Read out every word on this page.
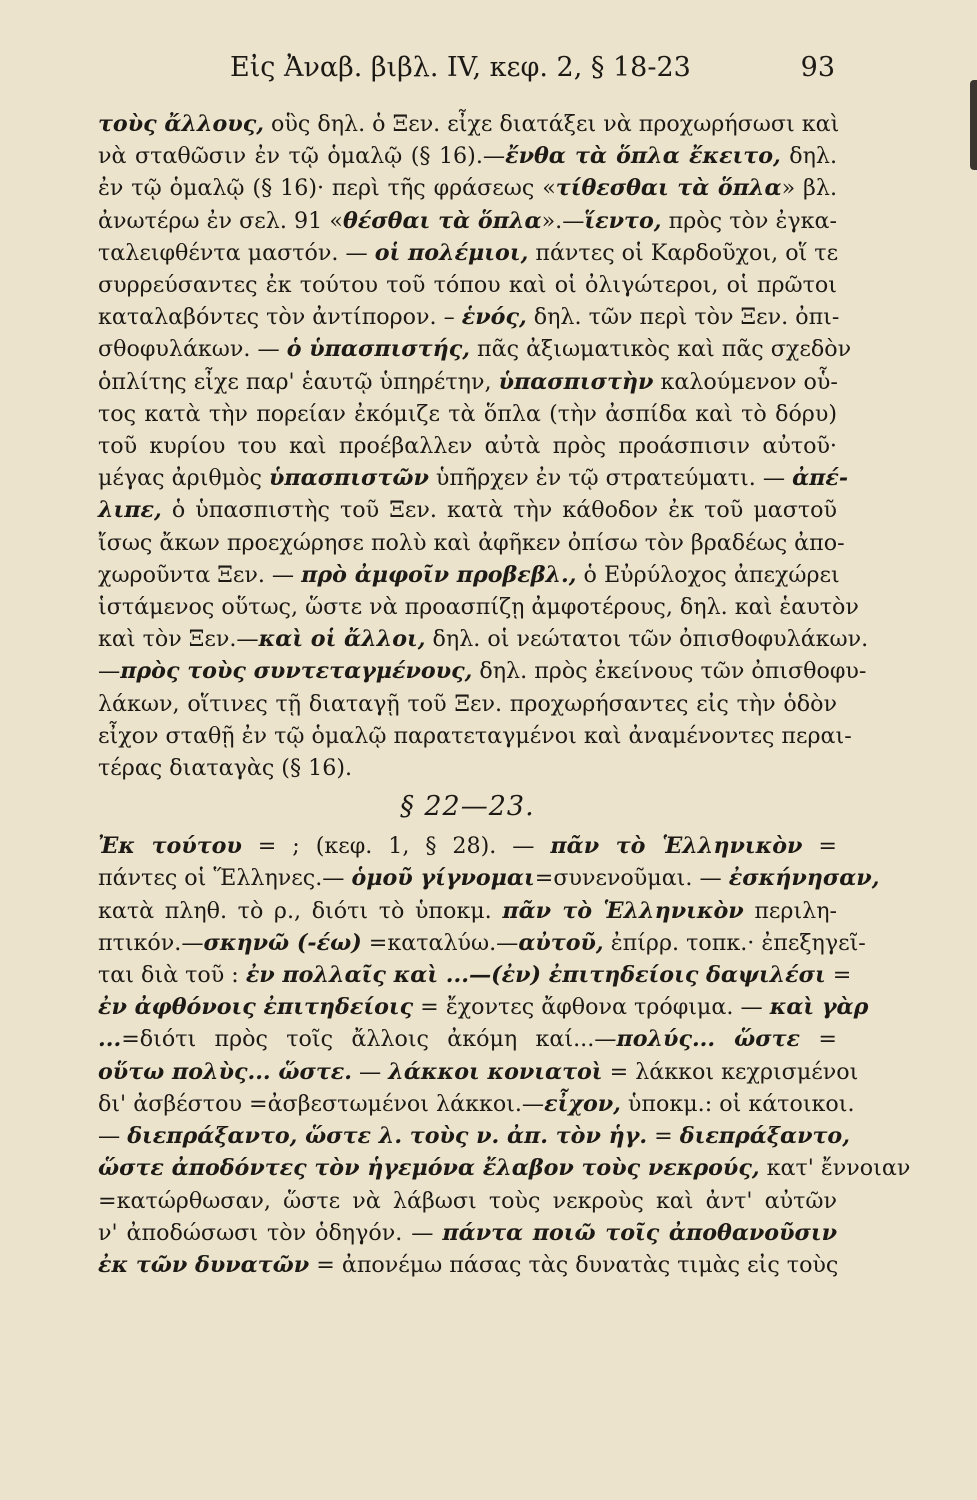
Εἰς Ἀναβ. βιβλ. IV, κεφ. 2, § 18-23	93
τοὺς ἄλλους, οὓς δηλ. ὁ Ξεν. εἶχε διατάξει νὰ προχωρήσωσι καὶ
νὰ σταθῶσιν ἐν τῷ ὁμαλῷ (§ 16).—ἔνθα τὰ ὅπλα ἔκειτο, δηλ.
ἐν τῷ ὁμαλῷ (§ 16)· περὶ τῆς φράσεως «τίθεσθαι τὰ ὅπλα» βλ.
ἀνωτέρω ἐν σελ. 91 «θέσθαι τὰ ὅπλα».—ἵεντο, πρὸς τὸν ἐγκα-
ταλειφθέντα μαστόν. — οἱ πολέμιοι, πάντες οἱ Καρδοῦχοι, οἵ τε
συρρεύσαντες ἐκ τούτου τοῦ τόπου καὶ οἱ ὀλιγώτεροι, οἱ πρῶτοι
καταλαβόντες τὸν ἀντίπορον. – ἑνός, δηλ. τῶν περὶ τὸν Ξεν. ὀπι-
σθοφυλάκων. — ὁ ὑπασπιστής, πᾶς ἀξιωματικὸς καὶ πᾶς σχεδὸν
ὁπλίτης εἶχε παρ' ἑαυτῷ ὑπηρέτην, ὑπασπιστὴν καλούμενον οὗ-
τος κατὰ τὴν πορείαν ἐκόμιζε τὰ ὅπλα (τὴν ἀσπίδα καὶ τὸ δόρυ)
τοῦ κυρίου του καὶ προέβαλλεν αὐτὰ πρὸς προάσπισιν αὐτοῦ·
μέγας ἀριθμὸς ὑπασπιστῶν ὑπῆρχεν ἐν τῷ στρατεύματι. — ἀπέ-
λιπε, ὁ ὑπασπιστὴς τοῦ Ξεν. κατὰ τὴν κάθοδον ἐκ τοῦ μαστοῦ
ἴσως ἄκων προεχώρησε πολὺ καὶ ἀφῆκεν ὀπίσω τὸν βραδέως ἀπο-
χωροῦντα Ξεν. — πρὸ ἀμφοῖν προβεβλ., ὁ Εὐρύλοχος ἀπεχώρει
ἱστάμενος οὕτως, ὥστε νὰ προασπίζῃ ἀμφοτέρους, δηλ. καὶ ἑαυτὸν
καὶ τὸν Ξεν.—καὶ οἱ ἄλλοι, δηλ. οἱ νεώτατοι τῶν ὀπισθοφυλάκων.
—πρὸς τοὺς συντεταγμένους, δηλ. πρὸς ἐκείνους τῶν ὀπισθοφυ-
λάκων, οἵτινες τῇ διαταγῇ τοῦ Ξεν. προχωρήσαντες εἰς τὴν ὁδὸν
εἶχον σταθῇ ἐν τῷ ὁμαλῷ παρατεταγμένοι καὶ ἀναμένοντες περαι-
τέρας διαταγὰς (§ 16).
§ 22—23.
Ἐκ τούτου = ; (κεφ. 1, § 28). — πᾶν τὸ Ἑλληνικὸν =
πάντες οἱ Ἕλληνες.— ὁμοῦ γίγνομαι=συνενοῦμαι. — ἐσκήνησαν,
κατὰ πληθ. τὸ ρ., διότι τὸ ὑποκμ. πᾶν τὸ Ἑλληνικὸν περιλη-
πτικόν.—σκηνῶ (-έω) =καταλύω.—αὐτοῦ, ἐπίρρ. τοπκ.· ἐπεξηγεῖ-
ται διὰ τοῦ : ἐν πολλαῖς καὶ ...—(ἐν) ἐπιτηδείοις δαψιλέσι =
ἐν ἀφθόνοις ἐπιτηδείοις = ἔχοντες ἄφθονα τρόφιμα. — καὶ γὰρ
...=διότι πρὸς τοῖς ἄλλοις ἀκόμη καί...—πολύς... ὥστε =
οὕτω πολὺς... ὥστε. — λάκκοι κονιατοὶ = λάκκοι κεχρισμένοι
δι' ἀσβέστου =ἀσβεστωμένοι λάκκοι.—εἶχον, ὑποκμ.: οἱ κάτοικοι.
— διεπράξαντο, ὥστε λ. τοὺς ν. ἀπ. τὸν ἡγ. = διεπράξαντο,
ὥστε ἀποδόντες τὸν ἡγεμόνα ἔλαβον τοὺς νεκρούς, κατ' ἔννοιαν
=κατώρθωσαν, ὥστε νὰ λάβωσι τοὺς νεκροὺς καὶ ἀντ' αὐτῶν
ν' ἀποδώσωσι τὸν ὁδηγόν. — πάντα ποιῶ τοῖς ἀποθανοῦσιν
ἐκ τῶν δυνατῶν = ἀπονέμω πάσας τὰς δυνατὰς τιμὰς εἰς τοὺς
